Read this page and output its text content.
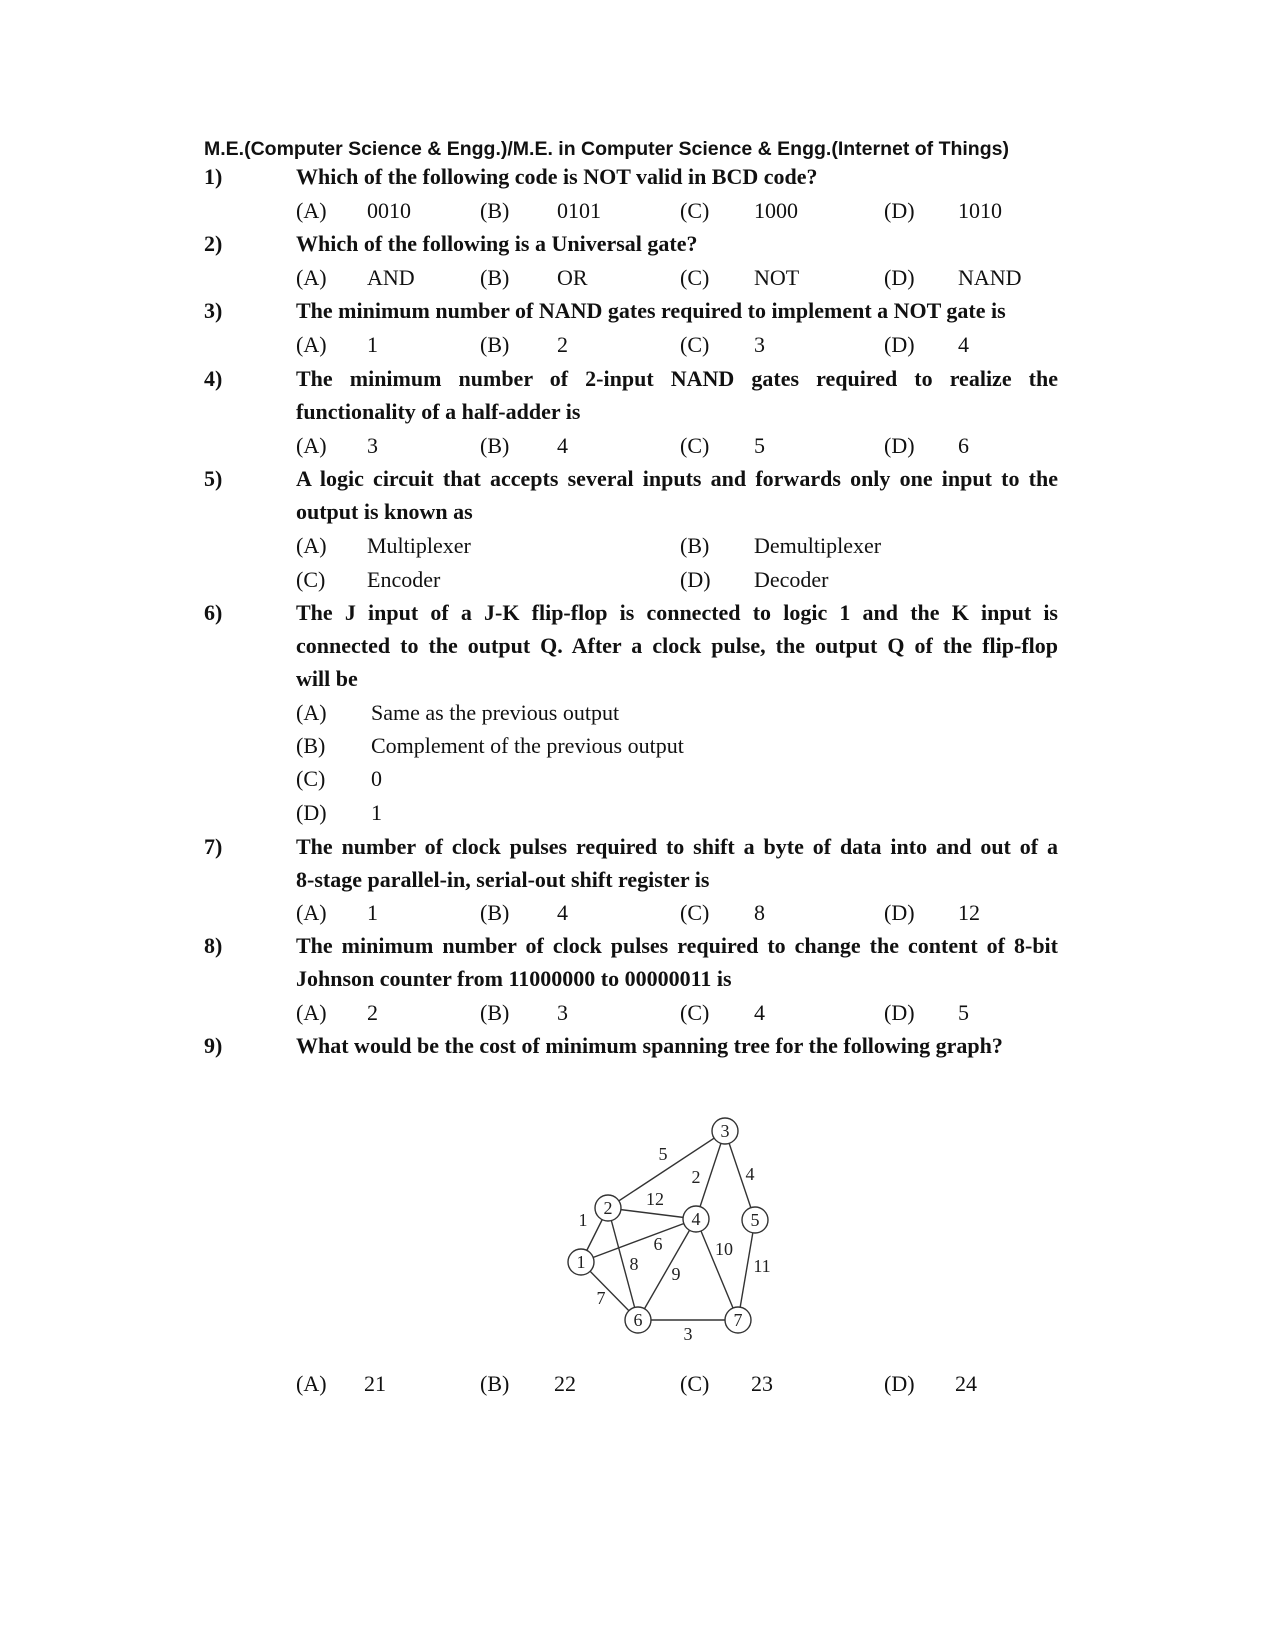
M.E.(Computer Science & Engg.)/M.E. in Computer Science & Engg.(Internet of Things)
1)	Which of the following code is NOT valid in BCD code?
(A) 0010	(B) 0101	(C) 1000	(D) 1010
2)	Which of the following is a Universal gate?
(A) AND	(B) OR	(C) NOT	(D) NAND
3)	The minimum number of NAND gates required to implement a NOT gate is
(A) 1	(B) 2	(C) 3	(D) 4
4)	The minimum number of 2-input NAND gates required to realize the
functionality of a half-adder is
(A) 3	(B) 4	(C) 5	(D) 6
5)	A logic circuit that accepts several inputs and forwards only one input to the
output is known as
(A) Multiplexer	(B) Demultiplexer
(C) Encoder	(D) Decoder
6)	The J input of a J-K flip-flop is connected to logic 1 and the K input is
connected to the output Q. After a clock pulse, the output Q of the flip-flop
will be
(A) Same as the previous output
(B) Complement of the previous output
(C) 0
(D) 1
7)	The number of clock pulses required to shift a byte of data into and out of a
8-stage parallel-in, serial-out shift register is
(A) 1	(B) 4	(C) 8	(D) 12
8)	The minimum number of clock pulses required to change the content of 8-bit
Johnson counter from 11000000 to 00000011 is
(A) 2	(B) 3	(C) 4	(D) 5
9)	What would be the cost of minimum spanning tree for the following graph?
1
2
3
4	5
6	7
1
5
2	4
12
6
8 9
7
10
11
3
(A) 21	(B) 22	(C) 23	(D) 24
